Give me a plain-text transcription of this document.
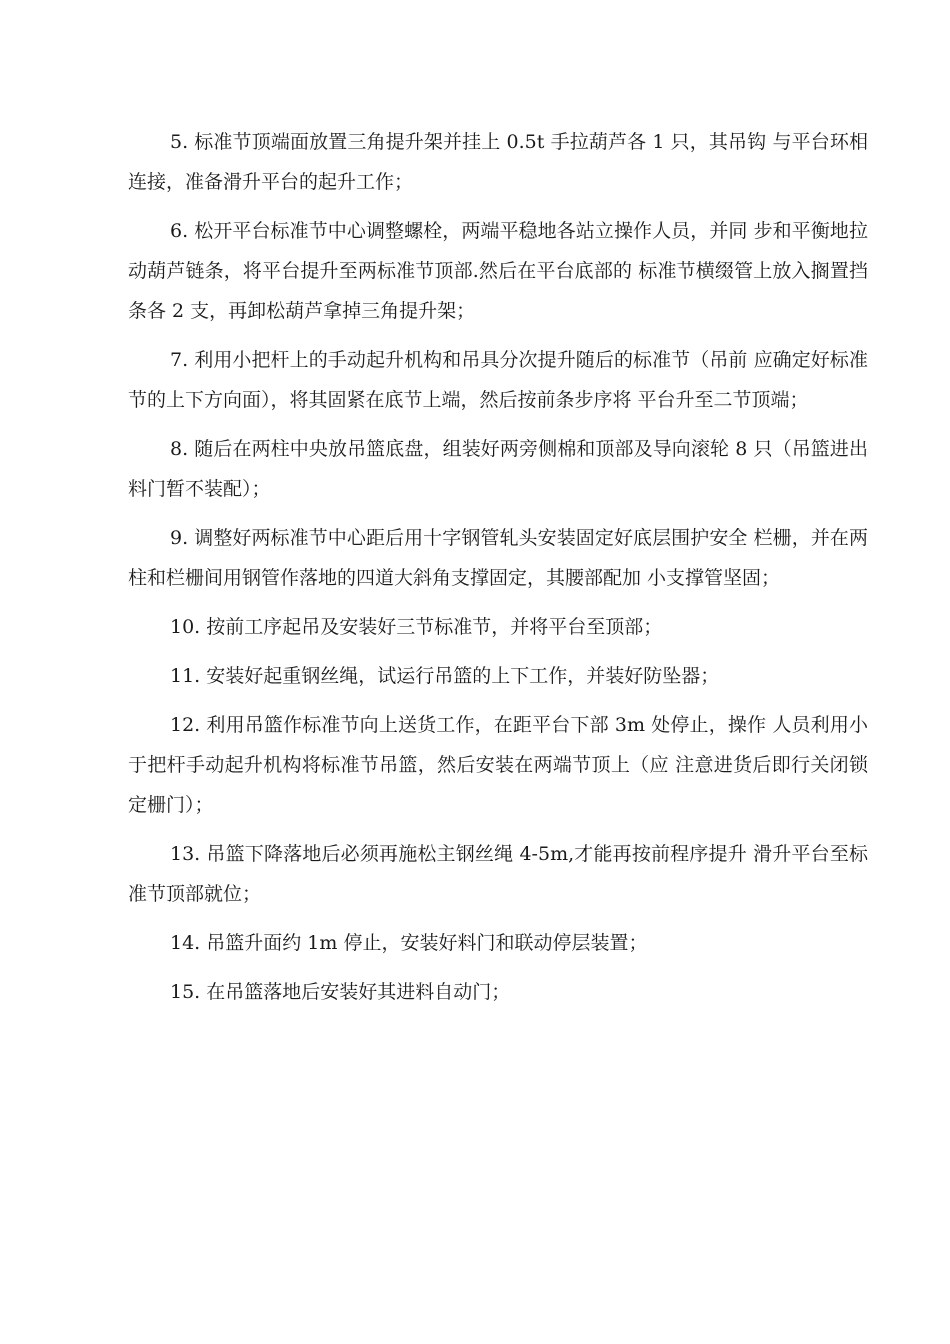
5. 标准节顶端面放置三角提升架并挂上 0.5t 手拉葫芦各 1 只，其吊钩 与平台环相连接，准备滑升平台的起升工作；

6. 松开平台标准节中心调整螺栓，两端平稳地各站立操作人员，并同 步和平衡地拉动葫芦链条，将平台提升至两标准节顶部.然后在平台底部的 标准节横缀管上放入搁置挡条各 2 支，再卸松葫芦拿掉三角提升架；

7. 利用小把杆上的手动起升机构和吊具分次提升随后的标准节（吊前 应确定好标准节的上下方向面），将其固紧在底节上端，然后按前条步序将 平台升至二节顶端；

8. 随后在两柱中央放吊篮底盘，组装好两旁侧棉和顶部及导向滚轮 8 只（吊篮进出料门暂不装配）；

9. 调整好两标准节中心距后用十字钢管轧头安装固定好底层围护安全 栏栅，并在两柱和栏栅间用钢管作落地的四道大斜角支撑固定，其腰部配加 小支撑管坚固；

10. 按前工序起吊及安装好三节标准节，并将平台至顶部；

11. 安装好起重钢丝绳，试运行吊篮的上下工作，并装好防坠器；

12. 利用吊篮作标准节向上送货工作，在距平台下部 3m 处停止，操作 人员利用小于把杆手动起升机构将标准节吊篮，然后安装在两端节顶上（应 注意进货后即行关闭锁定栅门）；

13. 吊篮下降落地后必须再施松主钢丝绳 4-5m,才能再按前程序提升 滑升平台至标准节顶部就位；

14. 吊篮升面约 1m 停止，安装好料门和联动停层装置；

15. 在吊篮落地后安装好其进料自动门；
